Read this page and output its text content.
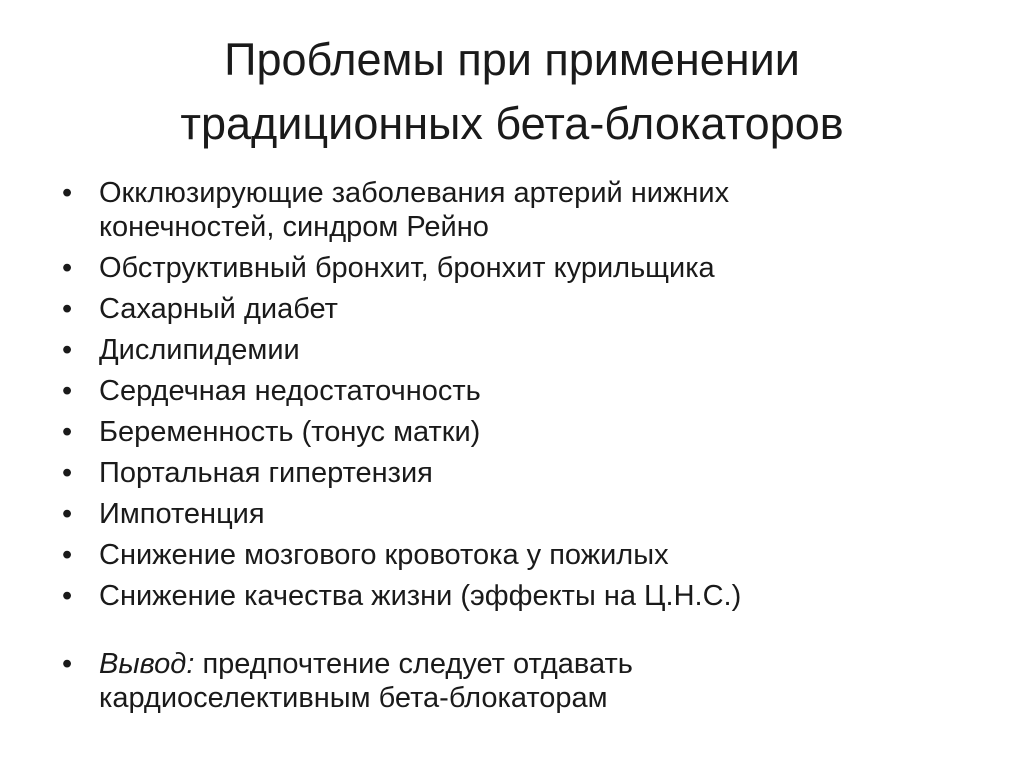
Проблемы при применении
традиционных бета-блокаторов
• Окклюзирующие заболевания артерий нижних
конечностей, синдром Рейно
• Обструктивный бронхит, бронхит курильщика
• Сахарный диабет
• Дислипидемии
• Сердечная недостаточность
• Беременность (тонус матки)
• Портальная гипертензия
• Импотенция
• Снижение мозгового кровотока у пожилых
• Снижение качества жизни (эффекты на Ц.Н.С.)
• Вывод: предпочтение следует отдавать
кардиоселективным бета-блокаторам
